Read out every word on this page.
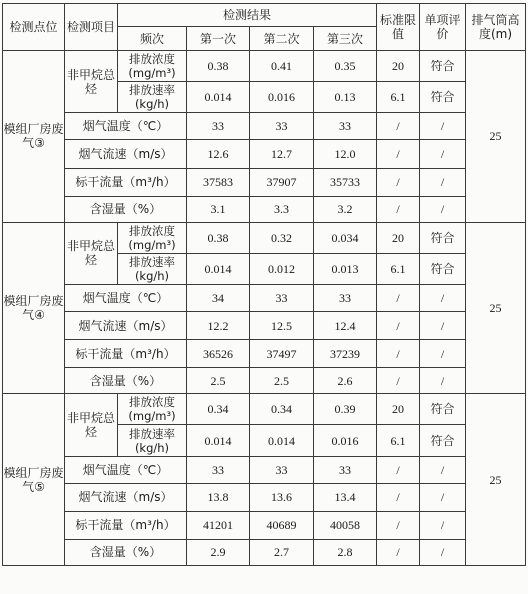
检测点位	检测项目	检测结果				标准限值	单项评价	排气筒高度(m)
		频次	第一次	第二次	第三次			
模组厂房废气③	非甲烷总烃	排放浓度(mg/m³)	0.38	0.41	0.35	20	符合	25
		排放速率(kg/h)	0.014	0.016	0.13	6.1	符合	
	烟气温度（℃）		33	33	33	/	/	
	烟气流速（m/s）		12.6	12.7	12.0	/	/	
	标干流量（m³/h）		37583	37907	35733	/	/	
	含湿量（%）		3.1	3.3	3.2	/	/	
模组厂房废气④	非甲烷总烃	排放浓度(mg/m³)	0.38	0.32	0.034	20	符合	25
		排放速率(kg/h)	0.014	0.012	0.013	6.1	符合	
	烟气温度（℃）		34	33	33	/	/	
	烟气流速（m/s）		12.2	12.5	12.4	/	/	
	标干流量（m³/h）		36526	37497	37239	/	/	
	含湿量（%）		2.5	2.5	2.6	/	/	
模组厂房废气⑤	非甲烷总烃	排放浓度(mg/m³)	0.34	0.34	0.39	20	符合	25
		排放速率(kg/h)	0.014	0.014	0.016	6.1	符合	
	烟气温度（℃）		33	33	33	/	/	
	烟气流速（m/s）		13.8	13.6	13.4	/	/	
	标干流量（m³/h）		41201	40689	40058	/	/	
	含湿量（%）		2.9	2.7	2.8	/	/	
